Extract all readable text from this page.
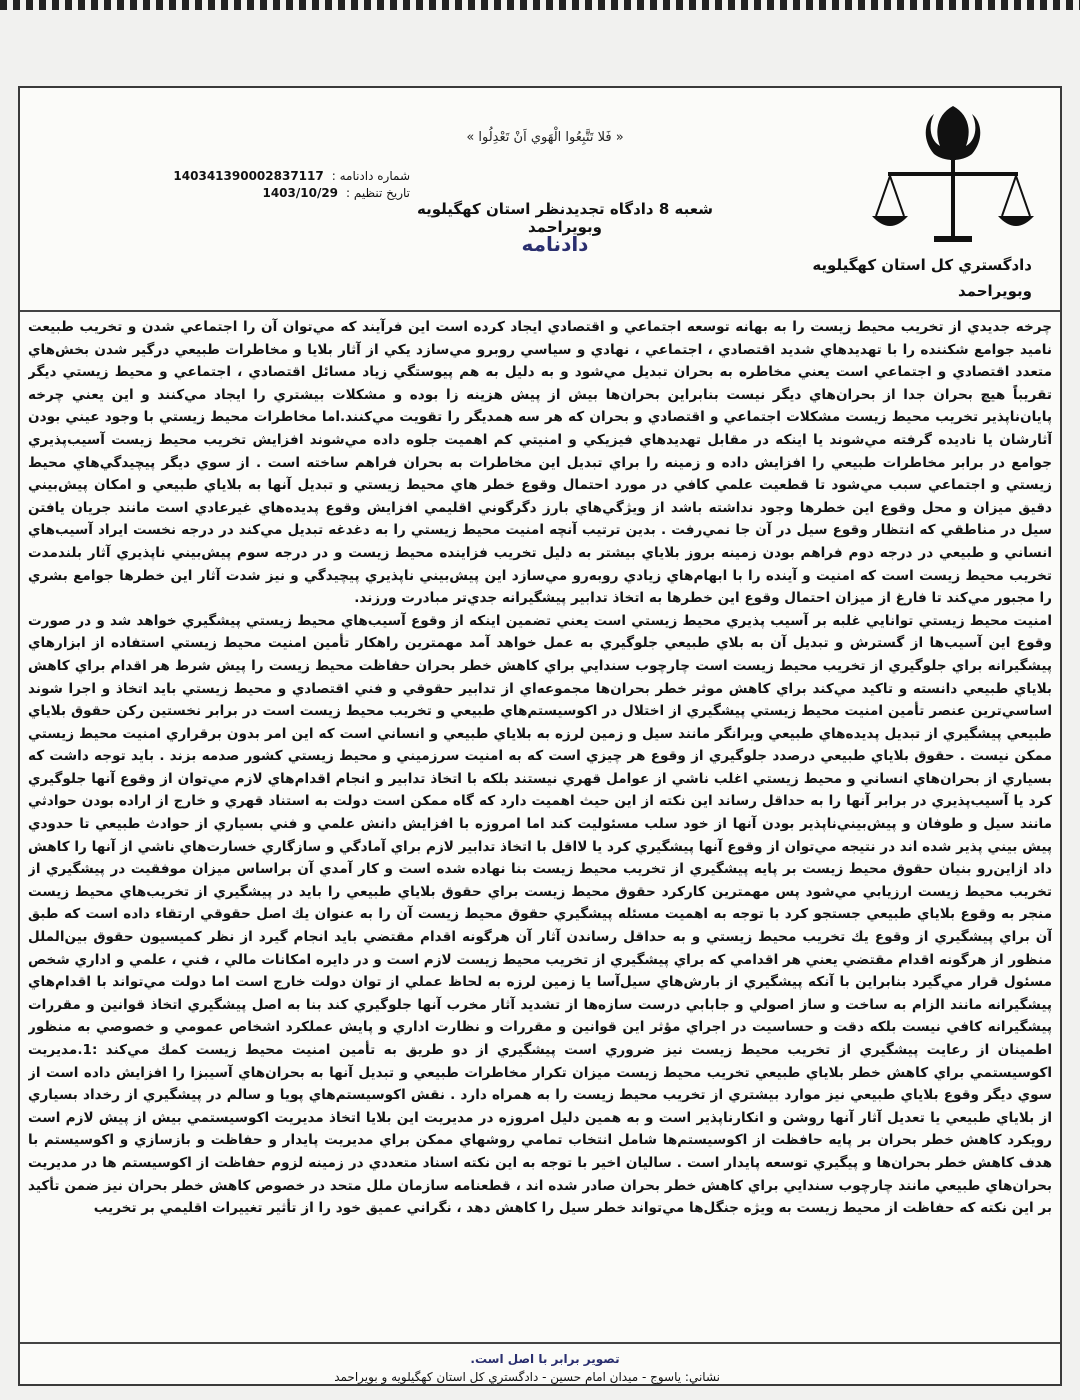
دادگستري كل استان كهگيلويه
وبويراحمد
« فَلا تَتَّبِعُوا الْهَوي اَنْ تَعْدِلُوا »
شماره دادنامه :
140341390002837117
تاريخ تنظيم :
1403/10/29
شعبه 8 دادگاه تجديدنظر استان كهگيلويه وبويراحمد
دادنامه

چرخه جديدي از تخريب محيط زيست را به بهانه توسعه اجتماعي و اقتصادي ايجاد كرده است اين فرآيند كه مي‌توان آن را اجتماعي شدن و تخريب طبيعت ناميد جوامع شكننده را با تهديدهاي شديد اقتصادي ، اجتماعي ، نهادي و سياسي روبرو مي‌سازد يكي از آثار بلايا و مخاطرات طبيعي درگير شدن بخش‌هاي متعدد اقتصادي و اجتماعي است يعني مخاطره به بحران تبديل مي‌شود و به دليل به هم پيوستگي زياد مسائل اقتصادي ، اجتماعي و محيط زيستي ديگر تقريباً هيچ بحران جدا از بحران‌هاي ديگر نيست بنابراين بحران‌ها بيش از پيش هزينه زا بوده و مشكلات بيشتري را ايجاد مي‌كنند و اين يعني چرخه پايان‌ناپذير تخريب محيط زيست مشكلات اجتماعي و اقتصادي و بحران كه هر سه همديگر را تقويت مي‌كنند.اما مخاطرات محيط زيستي با وجود عيني بودن آثارشان يا ناديده گرفته مي‌شوند يا اينكه در مقابل تهديدهاي فيزيكي و امنيتي كم اهميت جلوه داده مي‌شوند افزايش تخريب محيط زيست آسيب‌پذيري جوامع در برابر مخاطرات طبيعي را افزايش داده و زمينه را براي تبديل اين مخاطرات به بحران فراهم ساخته است . از سوي ديگر پيچيدگي‌هاي محيط زيستي و اجتماعي سبب مي‌شود تا قطعيت علمي كافي در مورد احتمال وقوع خطر هاي محيط زيستي و تبديل آنها به بلاياي طبيعي و امكان پيش‌بيني دقيق ميزان و محل وقوع اين خطرها وجود نداشته باشد از ويژگي‌هاي بارز دگرگوني اقليمي افزايش وقوع پديده‌هاي غيرعادي است مانند جريان يافتن سيل در مناطقي كه انتظار وقوع سيل در آن جا نمي‌رفت . بدين ترتيب آنچه امنيت محيط زيستي را به دغدغه تبديل مي‌كند در درجه نخست ايراد آسيب‌هاي انساني و طبيعي در درجه دوم فراهم بودن زمينه بروز بلاياي بيشتر به دليل تخريب فزاينده محيط زيست و در درجه سوم پيش‌بيني ناپذيري آثار بلندمدت تخريب محيط زيست است كه امنيت و آينده را با ابهام‌هاي زيادي روبه‌رو مي‌سازد اين پيش‌بيني ناپذيري پيچيدگي و نيز شدت آثار اين خطرها جوامع بشري را مجبور مي‌كند تا فارغ از ميزان احتمال وقوع اين خطرها به اتخاذ تدابير پيشگيرانه جدي‌تر مبادرت ورزند.

امنيت محيط زيستي توانايي غلبه بر آسيب پذيري محيط زيستي است يعني تضمين اينكه از وقوع آسيب‌هاي محيط زيستي پيشگيري خواهد شد و در صورت وقوع اين آسيب‌ها از گسترش و تبديل آن به بلاي طبيعي جلوگيري به عمل خواهد آمد مهمترين راهكار تأمين امنيت محيط زيستي استفاده از ابزارهاي پيشگيرانه براي جلوگيري از تخريب محيط زيست است چارچوب سندايي براي كاهش خطر بحران حفاظت محيط زيست را پيش شرط هر اقدام براي كاهش بلاياي طبيعي دانسته و تاكيد مي‌كند براي كاهش موثر خطر بحران‌ها مجموعه‌اي از تدابير حقوقي و فني اقتصادي و محيط زيستي بايد اتخاذ و اجرا شوند اساسي‌ترين عنصر تأمين امنيت محيط زيستي پيشگيري از اختلال در اكوسيستم‌هاي طبيعي و تخريب محيط زيست است در برابر نخستين ركن حقوق بلاياي طبيعي پيشگيري از تبديل پديده‌هاي طبيعي ويرانگر مانند سيل و زمين لرزه به بلاياي طبيعي و انساني است كه اين امر بدون برقراري امنيت محيط زيستي ممكن نيست . حقوق بلاياي طبيعي درصدد جلوگيري از وقوع هر چيزي است كه به امنيت سرزميني و محيط زيستي كشور صدمه بزند . بايد توجه داشت كه بسياري از بحران‌هاي انساني و محيط زيستي اغلب ناشي از عوامل قهري نيستند بلكه با اتخاذ تدابير و انجام اقدام‌هاي لازم مي‌توان از وقوع آنها جلوگيري كرد يا آسيب‌پذيري در برابر آنها را به حداقل رساند اين نكته از اين حيث اهميت دارد كه گاه ممكن است دولت به استناد قهري و خارج از اراده بودن حوادثي مانند سيل و طوفان و پيش‌بيني‌ناپذير بودن آنها از خود سلب مسئوليت كند اما امروزه با افزايش دانش علمي و فني بسياري از حوادث طبيعي تا حدودي پيش بيني پذير شده اند در نتيجه مي‌توان از وقوع آنها پيشگيري كرد يا لااقل با اتخاذ تدابير لازم براي آمادگي و سازگاري خسارت‌هاي ناشي از آنها را كاهش داد ازاين‌رو بنيان حقوق محيط زيست بر پايه پيشگيري از تخريب محيط زيست بنا نهاده شده است و كار آمدي آن براساس ميزان موفقيت در پيشگيري از تخريب محيط زيست ارزيابي مي‌شود پس مهمترين كاركرد حقوق محيط زيست براي حقوق بلاياي طبيعي را بايد در پيشگيري از تخريب‌هاي محيط زيست منجر به وقوع بلاياي طبيعي جستجو كرد با توجه به اهميت مسئله پيشگيري حقوق محيط زيست آن را به عنوان يك اصل حقوقي ارتقاء داده است كه طبق آن براي پيشگيري از وقوع يك تخريب محيط زيستي و به حداقل رساندن آثار آن هرگونه اقدام مقتضي بايد انجام گيرد از نظر كميسيون حقوق بين‌الملل منظور از هرگونه اقدام مقتضي يعني هر اقدامي كه براي پيشگيري از تخريب محيط زيست لازم است و در دايره امكانات مالي ، فني ، علمي و اداري شخص مسئول قرار مي‌گيرد بنابراين با آنكه پيشگيري از بارش‌هاي سيل‌آسا يا زمين لرزه به لحاظ عملي از توان دولت خارج است اما دولت مي‌تواند با اقدام‌هاي پيشگيرانه مانند الزام به ساخت و ساز اصولي و جابابي درست سازه‌ها از تشديد آثار مخرب آنها جلوگيري كند بنا به اصل پيشگيري اتخاذ قوانين و مقررات پيشگيرانه كافي نيست بلكه دقت و حساسيت در اجراي مؤثر اين قوانين و مقررات و نظارت اداري و پايش عملكرد اشخاص عمومي و خصوصي به منظور اطمينان از رعايت پيشگيري از تخريب محيط زيست نيز ضروري است پيشگيري از دو طريق به تأمين امنيت محيط زيست كمك مي‌كند :1.مديريت اكوسيستمي براي كاهش خطر بلاياي طبيعي تخريب محيط زيست ميزان تكرار مخاطرات طبيعي و تبديل آنها به بحران‌هاي آسيبزا را افزايش داده است از سوي ديگر وقوع بلاياي طبيعي نيز موارد بيشتري از تخريب محيط زيست را به همراه دارد . نقش اكوسيستم‌هاي پويا و سالم در پيشگيري از رخداد بسياري از بلاياي طبيعي يا تعديل آثار آنها روشن و انكارناپذير است و به همين دليل امروزه در مديريت اين بلايا اتخاذ مديريت اكوسيستمي بيش از پيش لازم است رويكرد كاهش خطر بحران بر پايه حافظت از اكوسيستم‌ها شامل انتخاب تمامي روشهاي ممكن براي مديريت پايدار و حفاظت و بازسازي و اكوسيستم با هدف كاهش خطر بحران‌ها و پيگيري توسعه پايدار است . ساليان اخير با توجه به اين نكته اسناد متعددي در زمينه لزوم حفاظت از اكوسيستم ها در مديريت بحران‌هاي طبيعي مانند چارچوب سندايي براي كاهش خطر بحران صادر شده اند ، قطعنامه سازمان ملل متحد در خصوص كاهش خطر بحران نيز ضمن تأكيد بر اين نكته كه حفاظت از محيط زيست به ويژه جنگل‌ها مي‌تواند خطر سيل را كاهش دهد ، نگراني عميق خود را از تأثير تغييرات اقليمي بر تخريب

تصوير برابر با اصل است.
نشاني: ياسوج - ميدان امام حسين - دادگستري كل استان كهگيلويه و بويراحمد
